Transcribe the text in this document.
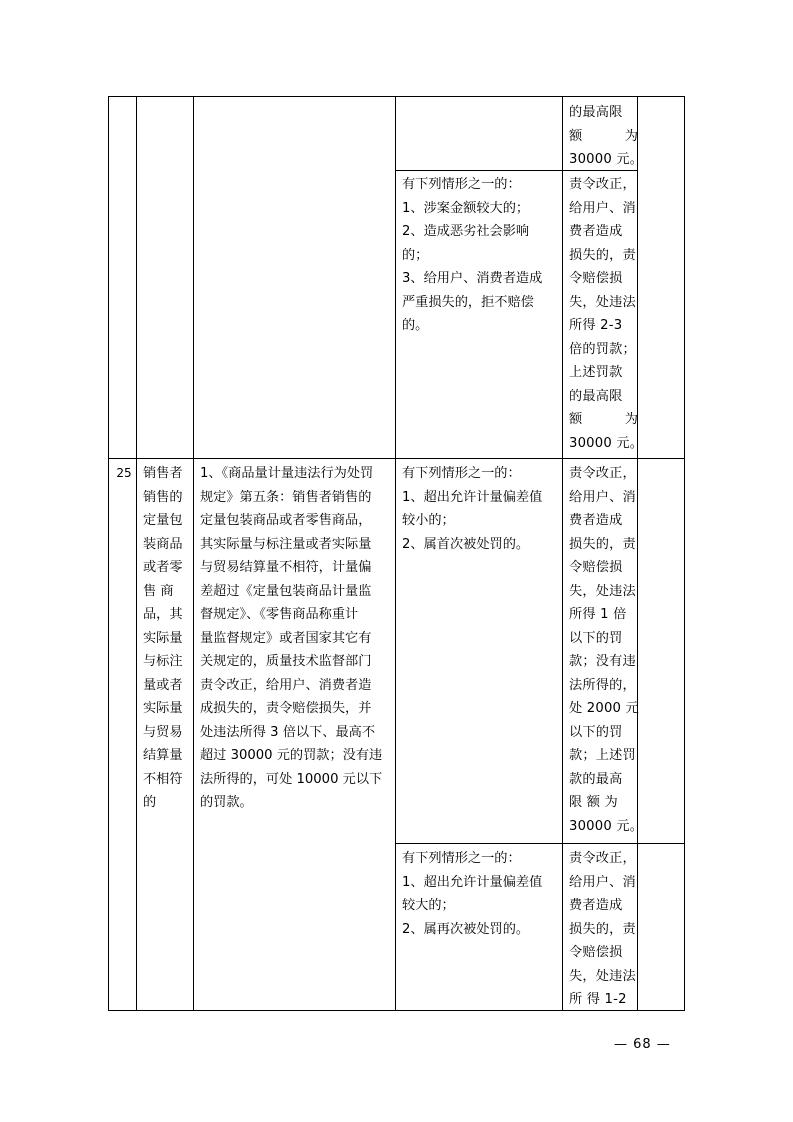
的最高限
额 为
30000 元。
有下列情形之一的：
1、涉案金额较大的；
2、造成恶劣社会影响
的；
3、给用户、消费者造成
严重损失的，拒不赔偿
的。
责令改正，
给用户、消
费者造成
损失的，责
令赔偿损
失，处违法
所得 2-3
倍的罚款；
上述罚款
的最高限
额 为
30000 元。
25 销售者
销售的
定量包
装商品
或者零
售 商
品，其
实际量
与标注
量或者
实际量
与贸易
结算量
不相符
的
1、《商品量计量违法行为处罚
规定》第五条：销售者销售的
定量包装商品或者零售商品，
其实际量与标注量或者实际量
与贸易结算量不相符，计量偏
差超过《定量包装商品计量监
督规定》、《零售商品称重计
量监督规定》或者国家其它有
关规定的，质量技术监督部门
责令改正，给用户、消费者造
成损失的，责令赔偿损失，并
处违法所得 3 倍以下、最高不
超过 30000 元的罚款；没有违
法所得的，可处 10000 元以下
的罚款。
有下列情形之一的：
1、超出允许计量偏差值
较小的；
2、属首次被处罚的。
责令改正，
给用户、消
费者造成
损失的，责
令赔偿损
失，处违法
所得 1 倍
以下的罚
款；没有违
法所得的，
处 2000 元
以下的罚
款；上述罚
款的最高
限 额 为
30000 元。
有下列情形之一的：
1、超出允许计量偏差值
较大的；
2、属再次被处罚的。
责令改正，
给用户、消
费者造成
损失的，责
令赔偿损
失，处违法
所 得 1-2
— 68 —
